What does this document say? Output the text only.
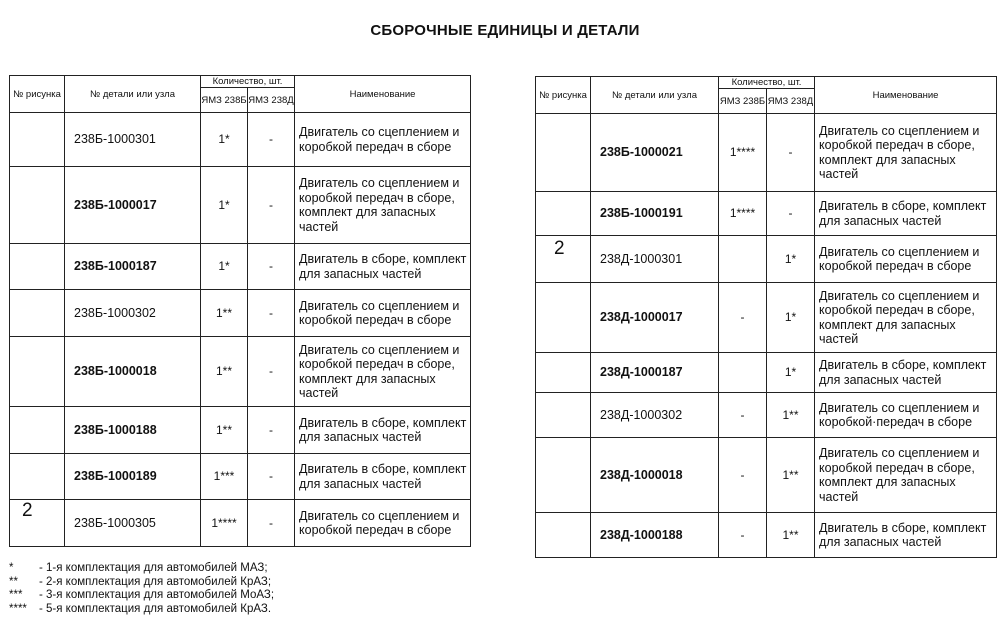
СБОРОЧНЫЕ ЕДИНИЦЫ И ДЕТАЛИ
№ рисунка	№ детали или узла	Количество, шт.		Наименование
		ЯМЗ 238Б	ЯМЗ 238Д	

	238Б-1000301	1*	-	Двигатель со сцеплением и коробкой передач в сборе

	238Б-1000017	1*	-	Двигатель со сцеплением и коробкой передач в сборе, комплект для запасных частей

	238Б-1000187	1*	-	Двигатель в сборе, комплект для запасных частей

	238Б-1000302	1**	-	Двигатель со сцеплением и коробкой передач в сборе

	238Б-1000018	1**	-	Двигатель со сцеплением и коробкой передач в сборе, комплект для запасных частей

	238Б-1000188	1**	-	Двигатель в сборе, комплект для запасных частей

	238Б-1000189	1***	-	Двигатель в сборе, комплект для запасных частей

2	238Б-1000305	1****	-	Двигатель со сцеплением и коробкой передач в сборе
№ рисунка	№ детали или узла	Количество, шт.		Наименование
		ЯМЗ 238Б	ЯМЗ 238Д	

	238Б-1000021	1****	-	Двигатель со сцеплением и коробкой передач в сборе, комплект для запасных частей

	238Б-1000191	1****	-	Двигатель в сборе, комплект для запасных частей

2	238Д-1000301		1*	Двигатель со сцеплением и коробкой передач в сборе

	238Д-1000017	-	1*	Двигатель со сцеплением и коробкой передач в сборе, комплект для запасных частей

	238Д-1000187		1*	Двигатель в сборе, комплект для запасных частей

	238Д-1000302	-	1**	Двигатель со сцеплением и коробкой·передач в сборе

	238Д-1000018	-	1**	Двигатель со сцеплением и коробкой передач в сборе, комплект для запасных частей

	238Д-1000188	-	1**	Двигатель в сборе, комплект для запасных частей
*	- 1-я комплектация для автомобилей МАЗ;
**	- 2-я комплектация для автомобилей КрАЗ;
***	- 3-я комплектация для автомобилей МоАЗ;
****	- 5-я комплектация для автомобилей КрАЗ.
